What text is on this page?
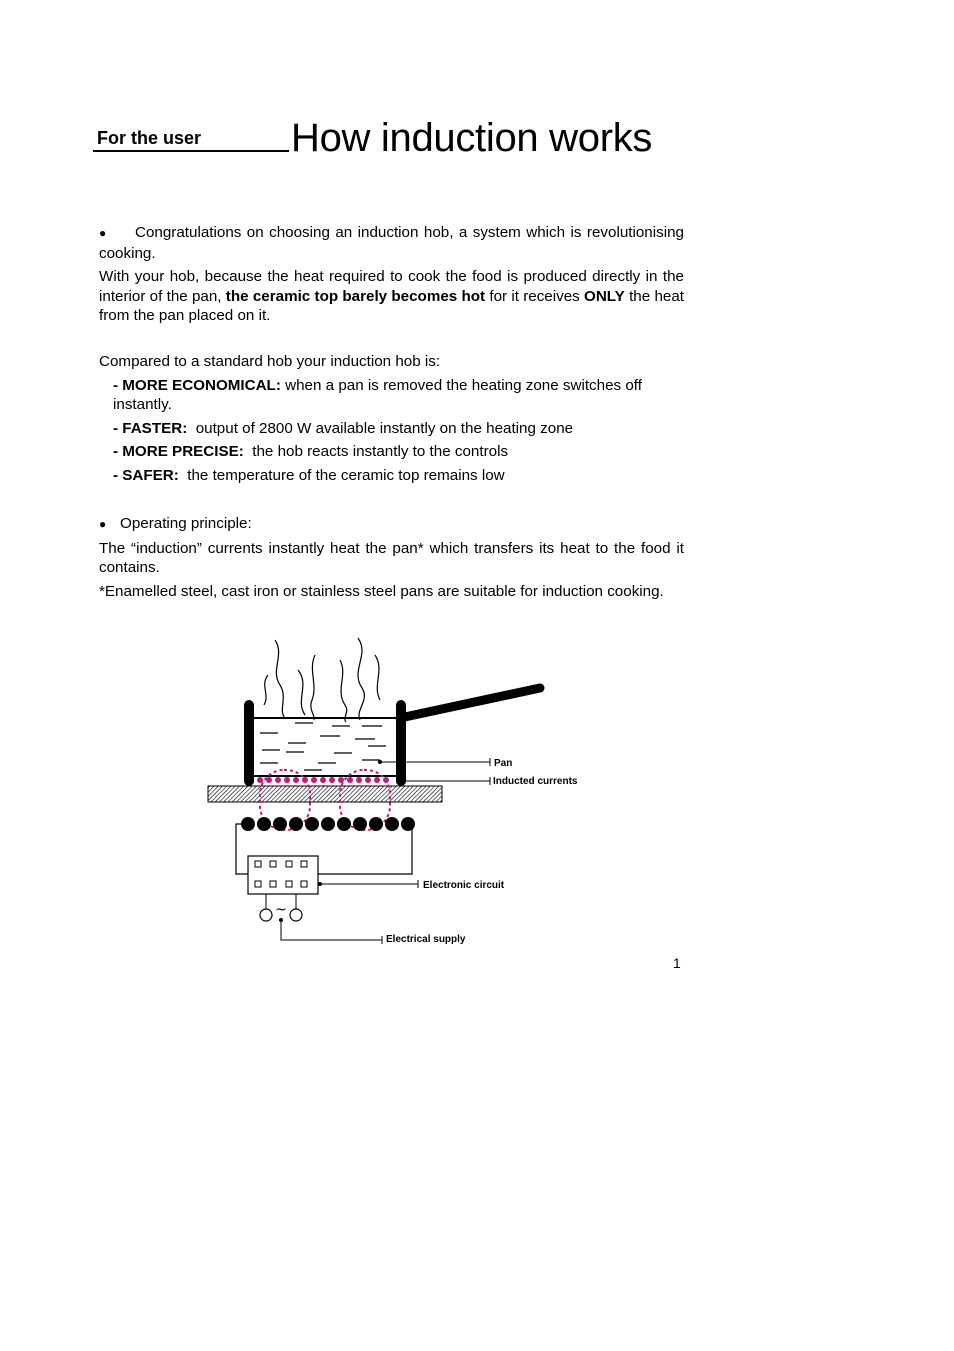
For the user How induction works
● Congratulations on choosing an induction hob, a system which is revolutionising cooking.
With your hob, because the heat required to cook the food is produced directly in the interior of the pan, the ceramic top barely becomes hot for it receives ONLY the heat from the pan placed on it.
Compared to a standard hob your induction hob is:
- MORE ECONOMICAL: when a pan is removed the heating zone switches off instantly.
- FASTER:  output of 2800 W available instantly on the heating zone
- MORE PRECISE:  the hob reacts instantly to the controls
- SAFER:  the temperature of the ceramic top remains low
● Operating principle:
The “induction” currents instantly heat the pan* which transfers its heat to the food it contains.
*Enamelled steel, cast iron or stainless steel pans are suitable for induction cooking.
~
Pan
Inducted currents
Electronic circuit
Electrical supply
1
